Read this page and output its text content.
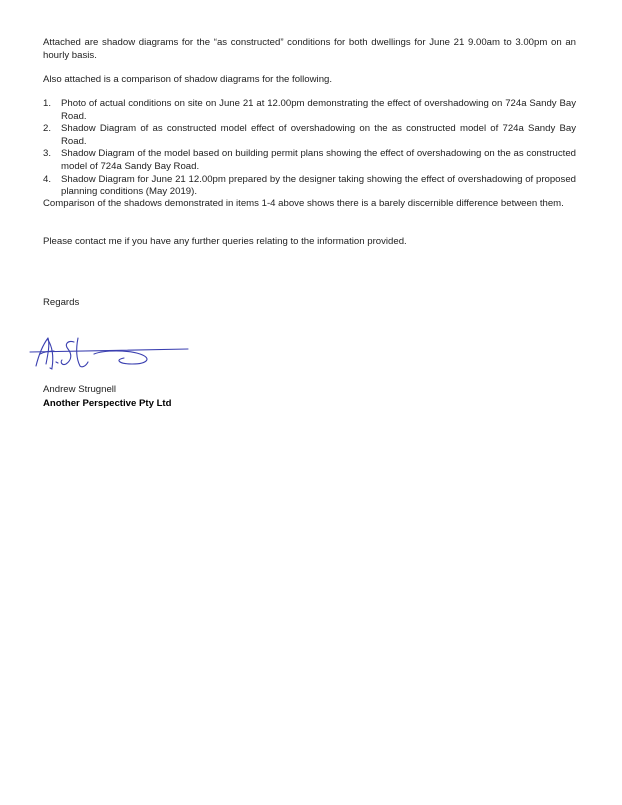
Attached are shadow diagrams for the “as constructed” conditions for both dwellings for June 21 9.00am to 3.00pm on an hourly basis.

Also attached is a comparison of shadow diagrams for the following.

1. Photo of actual conditions on site on June 21 at 12.00pm demonstrating the effect of overshadowing on 724a Sandy Bay Road.
2. Shadow Diagram of as constructed model effect of overshadowing on the as constructed model of 724a Sandy Bay Road.
3. Shadow Diagram of the model based on building permit plans showing the effect of overshadowing on the as constructed model of 724a Sandy Bay Road.
4. Shadow Diagram for June 21 12.00pm prepared by the designer taking showing the effect of overshadowing of proposed planning conditions (May 2019).

Comparison of the shadows demonstrated in items 1-4 above shows there is a barely discernible difference between them.

Please contact me if you have any further queries relating to the information provided.

Regards

Andrew Strugnell

Another Perspective Pty Ltd
